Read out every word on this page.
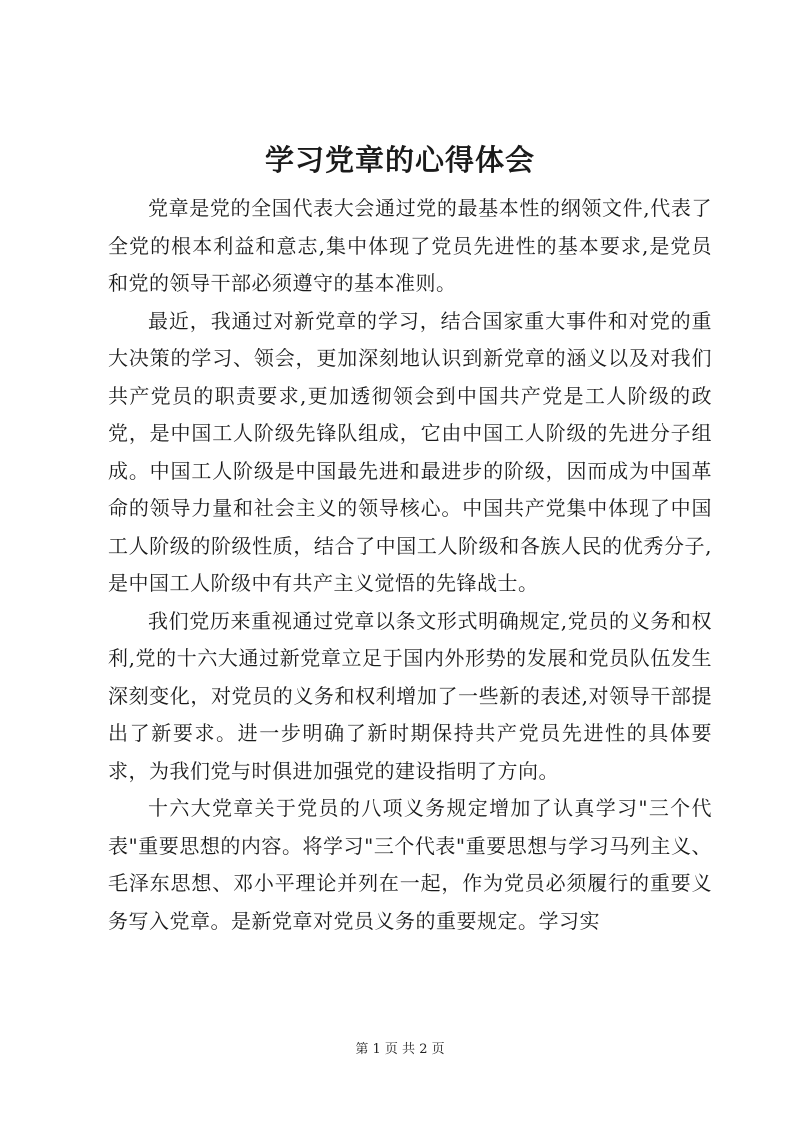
学习党章的心得体会

党章是党的全国代表大会通过党的最基本性的纲领文件,代表了全党的根本利益和意志,集中体现了党员先进性的基本要求,是党员和党的领导干部必须遵守的基本准则。

最近，我通过对新党章的学习，结合国家重大事件和对党的重大决策的学习、领会，更加深刻地认识到新党章的涵义以及对我们共产党员的职责要求,更加透彻领会到中国共产党是工人阶级的政党，是中国工人阶级先锋队组成，它由中国工人阶级的先进分子组成。中国工人阶级是中国最先进和最进步的阶级，因而成为中国革命的领导力量和社会主义的领导核心。中国共产党集中体现了中国工人阶级的阶级性质，结合了中国工人阶级和各族人民的优秀分子,是中国工人阶级中有共产主义觉悟的先锋战士。

我们党历来重视通过党章以条文形式明确规定,党员的义务和权利,党的十六大通过新党章立足于国内外形势的发展和党员队伍发生深刻变化，对党员的义务和权利增加了一些新的表述,对领导干部提出了新要求。进一步明确了新时期保持共产党员先进性的具体要求，为我们党与时俱进加强党的建设指明了方向。

十六大党章关于党员的八项义务规定增加了认真学习"三个代表"重要思想的内容。将学习"三个代表"重要思想与学习马列主义、毛泽东思想、邓小平理论并列在一起，作为党员必须履行的重要义务写入党章。是新党章对党员义务的重要规定。学习实

第 1 页 共 2 页
